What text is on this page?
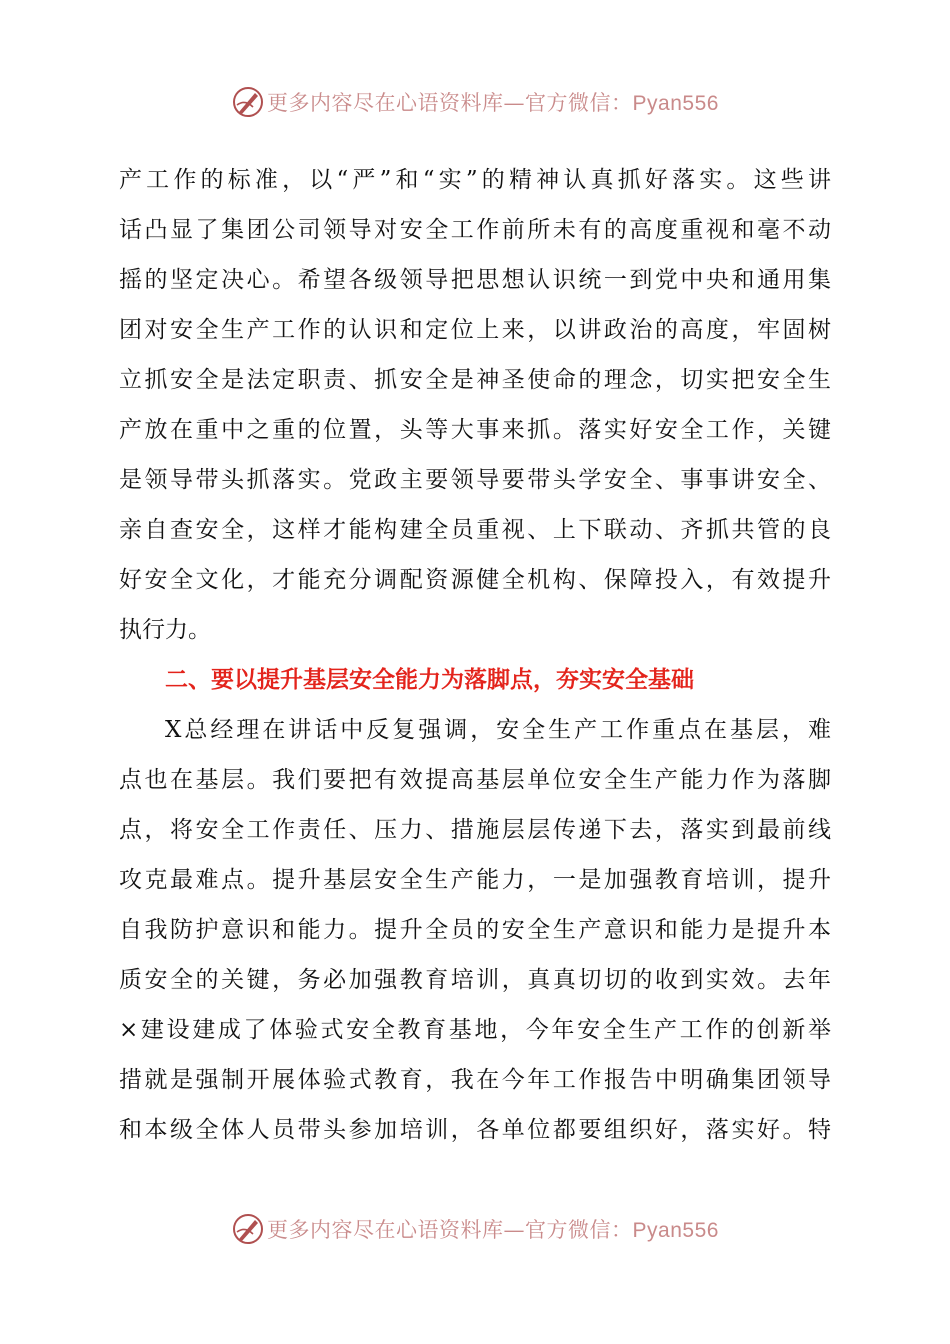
更多内容尽在心语资料库—官方微信：Pyan556
产工作的标准，以“严”和“实”的精神认真抓好落实。这些讲
话凸显了集团公司领导对安全工作前所未有的高度重视和毫不动
摇的坚定决心。希望各级领导把思想认识统一到党中央和通用集
团对安全生产工作的认识和定位上来，以讲政治的高度，牢固树
立抓安全是法定职责、抓安全是神圣使命的理念，切实把安全生
产放在重中之重的位置，头等大事来抓。落实好安全工作，关键
是领导带头抓落实。党政主要领导要带头学安全、事事讲安全、
亲自查安全，这样才能构建全员重视、上下联动、齐抓共管的良
好安全文化，才能充分调配资源健全机构、保障投入，有效提升
执行力。
二、要以提升基层安全能力为落脚点，夯实安全基础
X总经理在讲话中反复强调，安全生产工作重点在基层，难
点也在基层。我们要把有效提高基层单位安全生产能力作为落脚
点，将安全工作责任、压力、措施层层传递下去，落实到最前线
攻克最难点。提升基层安全生产能力，一是加强教育培训，提升
自我防护意识和能力。提升全员的安全生产意识和能力是提升本
质安全的关键，务必加强教育培训，真真切切的收到实效。去年
×建设建成了体验式安全教育基地，今年安全生产工作的创新举
措就是强制开展体验式教育，我在今年工作报告中明确集团领导
和本级全体人员带头参加培训，各单位都要组织好，落实好。特
更多内容尽在心语资料库—官方微信：Pyan556
